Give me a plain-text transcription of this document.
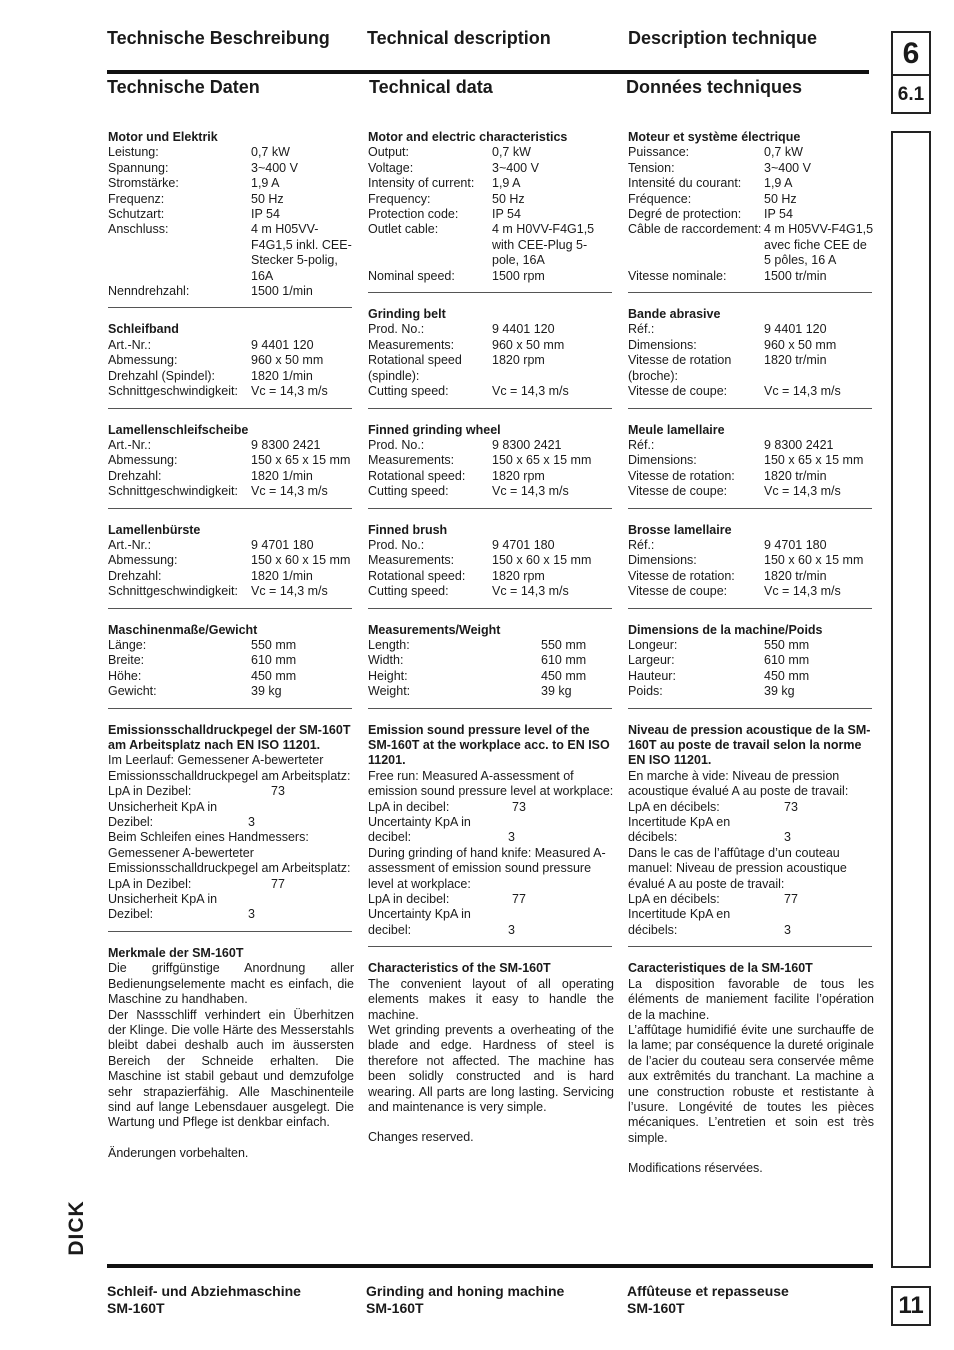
Technische Beschreibung Technical description	Description technique
Technische Daten	Technical data	Données techniques
6
6.1
11
Motor und Elektrik
Leistung:	0,7 kW
Spannung:	3~400 V
Stromstärke:	1,9 A
Frequenz:	50 Hz
Schutzart:	IP 54
Anschluss:	4 m H05VV-F4G1,5 inkl. CEE-Stecker 5-polig, 16A
Nenndrehzahl:	1500 1/min
Schleifband
Art.-Nr.:	9 4401 120
Abmessung:	960 x 50 mm
Drehzahl (Spindel):	1820 1/min
Schnittgeschwindigkeit:	Vc = 14,3 m/s
Lamellenschleifscheibe
Art.-Nr.:	9 8300 2421
Abmessung:	150 x 65 x 15 mm
Drehzahl:	1820 1/min
Schnittgeschwindigkeit:	Vc = 14,3 m/s
Lamellenbürste
Art.-Nr.:	9 4701 180
Abmessung:	150 x 60 x 15 mm
Drehzahl:	1820 1/min
Schnittgeschwindigkeit:	Vc = 14,3 m/s
Maschinenmaße/Gewicht
Länge:	550 mm
Breite:	610 mm
Höhe:	450 mm
Gewicht:	39 kg
Emissionsschalldruckpegel der SM-160T am Arbeitsplatz nach EN ISO 11201.
Im Leerlauf: Gemessener A-bewerteter Emissionsschalldruckpegel am Arbeitsplatz:
LpA in Dezibel:	73
Unsicherheit KpA in Dezibel:	3
Beim Schleifen eines Handmessers: Gemessener A-bewerteter Emissionsschalldruckpegel am Arbeitsplatz:
LpA in Dezibel:	77
Unsicherheit KpA in Dezibel:	3
Merkmale der SM-160T
Die griffgünstige Anordnung aller Bedienungselemente macht es einfach, die Maschine zu handhaben.
Der Nassschliff verhindert ein Überhitzen der Klinge. Die volle Härte des Messerstahls bleibt dabei deshalb auch im äussersten Bereich der Schneide erhalten. Die Maschine ist stabil gebaut und demzufolge sehr strapazierfähig. Alle Maschinenteile sind auf lange Lebensdauer ausgelegt. Die Wartung und Pflege ist denkbar einfach.
Änderungen vorbehalten.
Motor and electric characteristics
Output:	0,7 kW
Voltage:	3~400 V
Intensity of current:	1,9 A
Frequency:	50 Hz
Protection code:	IP 54
Outlet cable:	4 m H0VV-F4G1,5 with CEE-Plug 5-pole, 16A
Nominal speed:	1500 rpm
Grinding belt
Prod. No.:	9 4401 120
Measurements:	960 x 50 mm
Rotational speed (spindle):
1820 rpm
Cutting speed:	Vc = 14,3 m/s
Finned grinding wheel
Prod. No.:	9 8300 2421
Measurements:	150 x 65 x 15 mm
Rotational speed:	1820 rpm
Cutting speed:	Vc = 14,3 m/s
Finned brush
Prod. No.:	9 4701 180
Measurements:	150 x 60 x 15 mm
Rotational speed:	1820 rpm
Cutting speed:	Vc = 14,3 m/s
Measurements/Weight
Length:	550 mm
Width:	610 mm
Height:	450 mm
Weight:	39 kg
Emission sound pressure level of the SM-160T at the workplace acc. to EN ISO 11201.
Free run: Measured A-assessment of emission sound pressure level at workplace:
LpA in decibel:	73
Uncertainty KpA in decibel:	3
During grinding of hand knife: Measured A-assessment of emission sound pressure level at workplace:
LpA in decibel:	77
Uncertainty KpA in decibel:	3
Characteristics of the SM-160T
The convenient layout of all operating elements makes it easy to handle the machine.
Wet grinding prevents a overheating of the blade and edge. Hardness of steel is therefore not affected. The machine has been solidly constructed and is hard wearing. All parts are long lasting. Servicing and maintenance is very simple.
Changes reserved.
Moteur et système électrique
Puissance:	0,7 kW
Tension:	3~400 V
Intensité du courant:	1,9 A
Fréquence:	50 Hz
Degré de protection:	IP 54
Câble de raccordement: 4 m H05VV-F4G1,5 avec fiche CEE de 5 pôles, 16 A
Vitesse nominale:	1500 tr/min
Bande abrasive
Réf.:	9 4401 120
Dimensions:	960 x 50 mm
Vitesse de rotation (broche):
1820 tr/min
Vitesse de coupe:	Vc = 14,3 m/s
Meule lamellaire
Réf.:	9 8300 2421
Dimensions:	150 x 65 x 15 mm
Vitesse de rotation:	1820 tr/min
Vitesse de coupe:	Vc = 14,3 m/s
Brosse lamellaire
Réf.:	9 4701 180
Dimensions:	150 x 60 x 15 mm
Vitesse de rotation:	1820 tr/min
Vitesse de coupe:	Vc = 14,3 m/s
Dimensions de la machine/Poids
Longeur:	550 mm
Largeur:	610 mm
Hauteur:	450 mm
Poids:	39 kg
Niveau de pression acoustique de la SM-160T au poste de travail selon la norme EN ISO 11201.
En marche à vide: Niveau de pression acoustique évalué A au poste de travail:
LpA en décibels:	73
Incertitude KpA en décibels:	3
Dans le cas de l’affûtage d’un couteau manuel: Niveau de pression acoustique évalué A au poste de travail:
LpA en décibels:	77
Incertitude KpA en décibels:	3
Caracteristiques de la SM-160T
La disposition favorable de tous les éléments de maniement facilite l’opération de la machine.
L’affûtage humidifié évite une surchauffe de la lame; par conséquence la dureté originale de l’acier du couteau sera conservée même aux extrêmités du tranchant. La machine a une construction robuste et restistante à l’usure. Longévité de toutes les pièces mécaniques. L’entretien et soin est très simple.
Modifications réservées.
DICK
Schleif- und Abziehmaschine
SM-160T
Grinding and honing machine
SM-160T
Affûteuse et repasseuse
SM-160T
